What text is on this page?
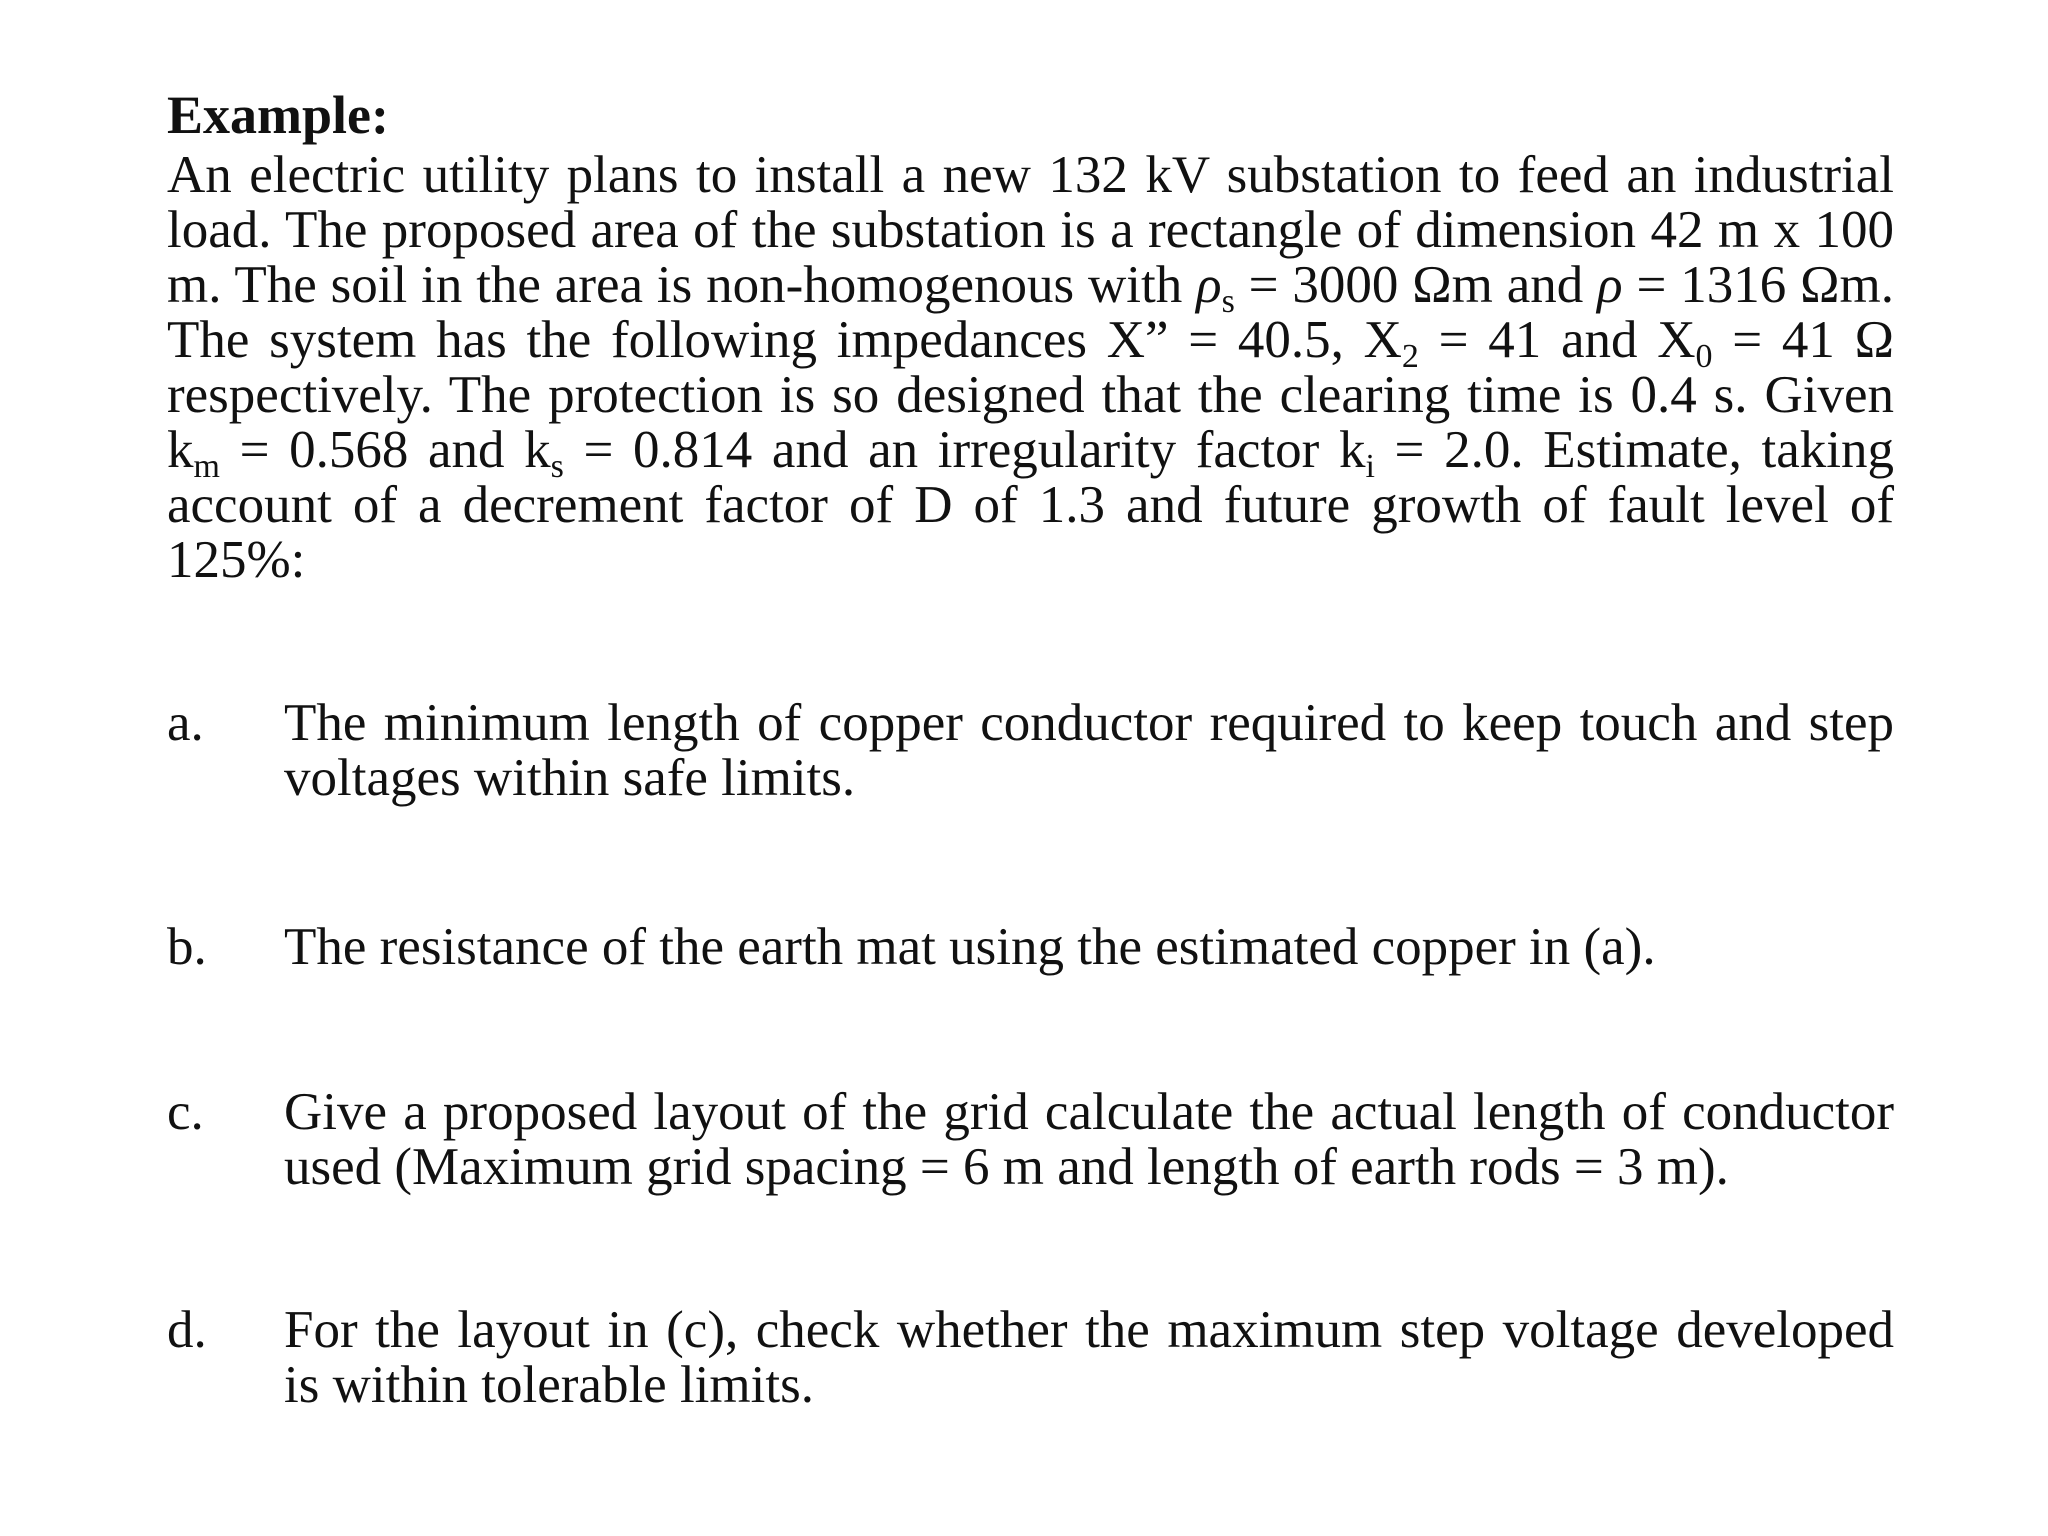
Example:

An electric utility plans to install a new 132 kV substation to feed an industrial load. The proposed area of the substation is a rectangle of dimension 42 m x 100 m. The soil in the area is non-homogenous with $\rho_s = 3000$ Ωm and ρ = 1316 Ωm. The system has the following impedances X” = 40.5, $X_2 = 41$ and $X_0 = 41$ Ω respectively. The protection is so designed that the clearing time is 0.4 s. Given $k_m = 0.568$ and $k_s = 0.814$ and an irregularity factor $k_i = 2.0$. Estimate, taking account of a decrement factor of D of 1.3 and future growth of fault level of 125%:

a.	The minimum length of copper conductor required to keep touch and step voltages within safe limits.
b.	The resistance of the earth mat using the estimated copper in (a).
c.	Give a proposed layout of the grid calculate the actual length of conductor used (Maximum grid spacing = 6 m and length of earth rods = 3 m).
d.	For the layout in (c), check whether the maximum step voltage developed is within tolerable limits.
